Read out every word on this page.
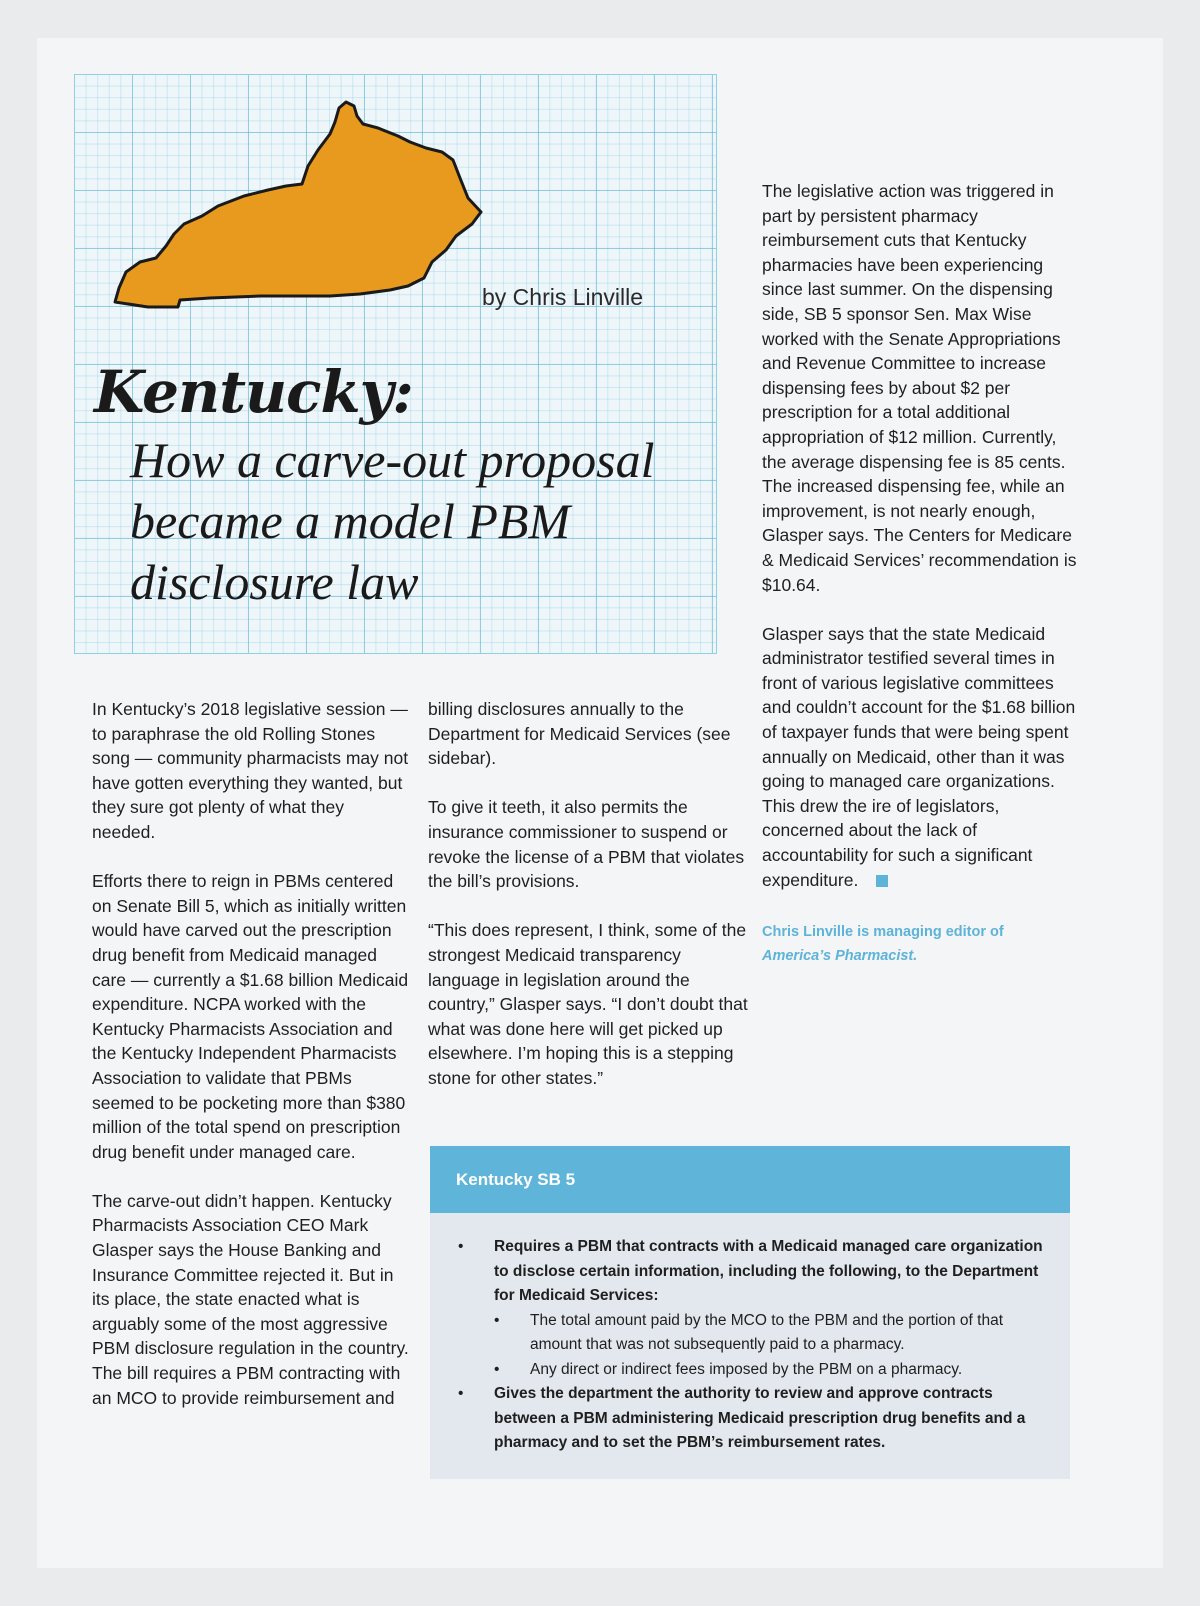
by Chris Linville
Kentucky:
How a carve-out proposal became a model PBM disclosure law

In Kentucky’s 2018 legislative session — to paraphrase the old Rolling Stones song — community pharmacists may not have gotten everything they wanted, but they sure got plenty of what they needed.

Efforts there to reign in PBMs centered on Senate Bill 5, which as initially written would have carved out the prescription drug benefit from Medicaid managed care — currently a $1.68 billion Medicaid expenditure. NCPA worked with the Kentucky Pharmacists Association and the Kentucky Independent Pharmacists Association to validate that PBMs seemed to be pocketing more than $380 million of the total spend on prescription drug benefit under managed care.

The carve-out didn’t happen. Kentucky Pharmacists Association CEO Mark Glasper says the House Banking and Insurance Committee rejected it. But in its place, the state enacted what is arguably some of the most aggressive PBM disclosure regulation in the country. The bill requires a PBM contracting with an MCO to provide reimbursement and

billing disclosures annually to the Department for Medicaid Services (see sidebar).

To give it teeth, it also permits the insurance commissioner to suspend or revoke the license of a PBM that violates the bill’s provisions.

“This does represent, I think, some of the strongest Medicaid transparency language in legislation around the country,” Glasper says. “I don’t doubt that what was done here will get picked up elsewhere. I’m hoping this is a stepping stone for other states.”

The legislative action was triggered in part by persistent pharmacy reimbursement cuts that Kentucky pharmacies have been experiencing since last summer. On the dispensing side, SB 5 sponsor Sen. Max Wise worked with the Senate Appropriations and Revenue Committee to increase dispensing fees by about $2 per prescription for a total additional appropriation of $12 million. Currently, the average dispensing fee is 85 cents. The increased dispensing fee, while an improvement, is not nearly enough, Glasper says. The Centers for Medicare & Medicaid Services’ recommendation is $10.64.

Glasper says that the state Medicaid administrator testified several times in front of various legislative committees and couldn’t account for the $1.68 billion of taxpayer funds that were being spent annually on Medicaid, other than it was going to managed care organizations. This drew the ire of legislators, concerned about the lack of accountability for such a significant expenditure.

Chris Linville is managing editor of America’s Pharmacist.
Kentucky SB 5
• Requires a PBM that contracts with a Medicaid managed care organization to disclose certain information, including the following, to the Department for Medicaid Services:
• The total amount paid by the MCO to the PBM and the portion of that amount that was not subsequently paid to a pharmacy.
• Any direct or indirect fees imposed by the PBM on a pharmacy.
• Gives the department the authority to review and approve contracts between a PBM administering Medicaid prescription drug benefits and a pharmacy and to set the PBM’s reimbursement rates.
